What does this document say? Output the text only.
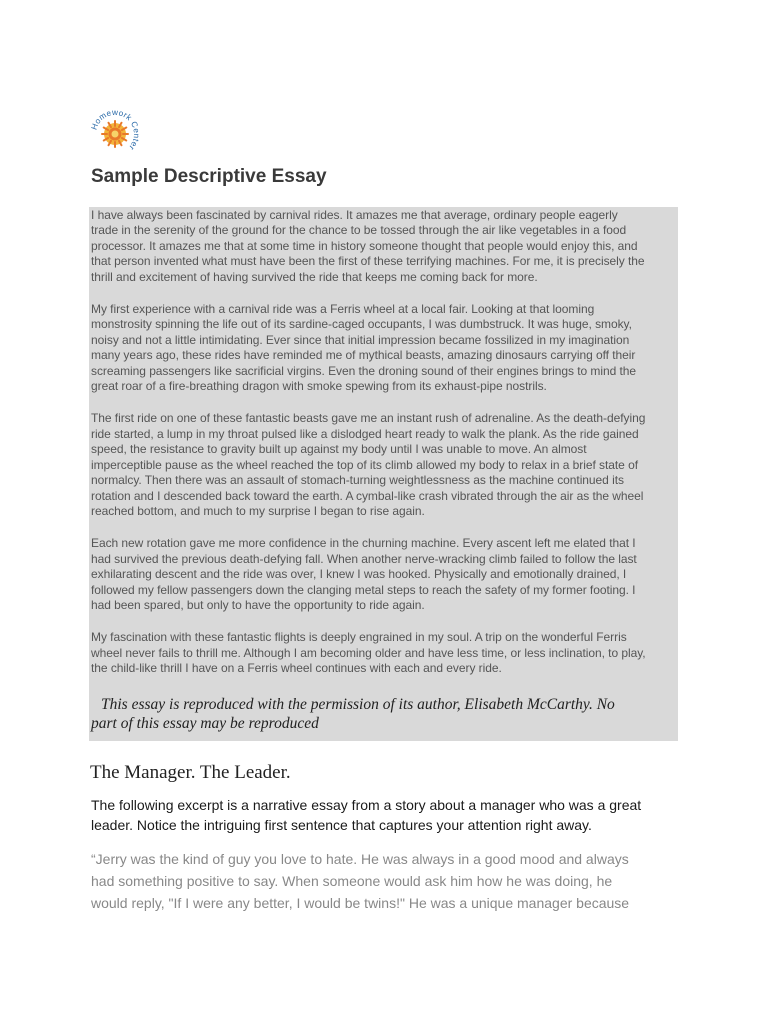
Homework Center
Sample Descriptive Essay

I have always been fascinated by carnival rides. It amazes me that average, ordinary people eagerly
trade in the serenity of the ground for the chance to be tossed through the air like vegetables in a food
processor. It amazes me that at some time in history someone thought that people would enjoy this, and
that person invented what must have been the first of these terrifying machines. For me, it is precisely the
thrill and excitement of having survived the ride that keeps me coming back for more.

My first experience with a carnival ride was a Ferris wheel at a local fair. Looking at that looming
monstrosity spinning the life out of its sardine-caged occupants, I was dumbstruck. It was huge, smoky,
noisy and not a little intimidating. Ever since that initial impression became fossilized in my imagination
many years ago, these rides have reminded me of mythical beasts, amazing dinosaurs carrying off their
screaming passengers like sacrificial virgins. Even the droning sound of their engines brings to mind the
great roar of a fire-breathing dragon with smoke spewing from its exhaust-pipe nostrils.

The first ride on one of these fantastic beasts gave me an instant rush of adrenaline. As the death-defying
ride started, a lump in my throat pulsed like a dislodged heart ready to walk the plank. As the ride gained
speed, the resistance to gravity built up against my body until I was unable to move. An almost
imperceptible pause as the wheel reached the top of its climb allowed my body to relax in a brief state of
normalcy. Then there was an assault of stomach-turning weightlessness as the machine continued its
rotation and I descended back toward the earth. A cymbal-like crash vibrated through the air as the wheel
reached bottom, and much to my surprise I began to rise again.

Each new rotation gave me more confidence in the churning machine. Every ascent left me elated that I
had survived the previous death-defying fall. When another nerve-wracking climb failed to follow the last
exhilarating descent and the ride was over, I knew I was hooked. Physically and emotionally drained, I
followed my fellow passengers down the clanging metal steps to reach the safety of my former footing. I
had been spared, but only to have the opportunity to ride again.

My fascination with these fantastic flights is deeply engrained in my soul. A trip on the wonderful Ferris
wheel never fails to thrill me. Although I am becoming older and have less time, or less inclination, to play,
the child-like thrill I have on a Ferris wheel continues with each and every ride.

This essay is reproduced with the permission of its author, Elisabeth McCarthy. No
part of this essay may be reproduced

The Manager. The Leader.

The following excerpt is a narrative essay from a story about a manager who was a great
leader. Notice the intriguing first sentence that captures your attention right away.

“Jerry was the kind of guy you love to hate. He was always in a good mood and always
had something positive to say. When someone would ask him how he was doing, he
would reply, "If I were any better, I would be twins!" He was a unique manager because
